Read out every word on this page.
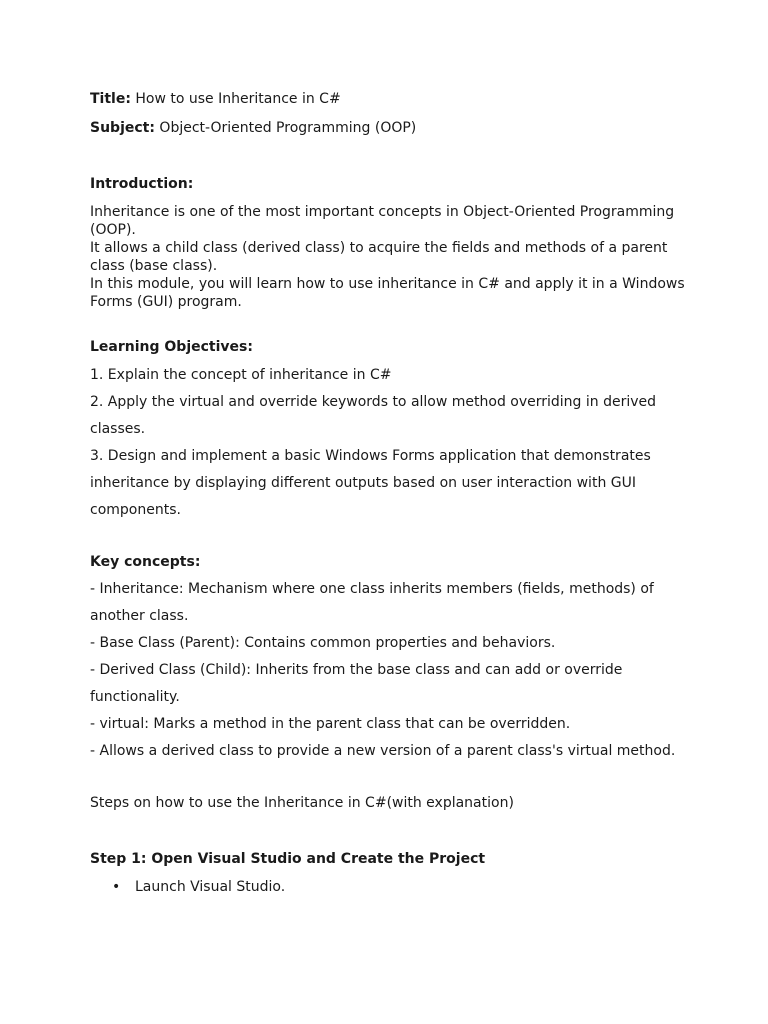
Title: How to use Inheritance in C#

Subject: Object-Oriented Programming (OOP)

Introduction:

Inheritance is one of the most important concepts in Object-Oriented Programming (OOP).

It allows a child class (derived class) to acquire the fields and methods of a parent class (base class).

In this module, you will learn how to use inheritance in C# and apply it in a Windows Forms (GUI) program.

Learning Objectives:

1. Explain the concept of inheritance in C#

2. Apply the virtual and override keywords to allow method overriding in derived classes.

3. Design and implement a basic Windows Forms application that demonstrates inheritance by displaying different outputs based on user interaction with GUI components.

Key concepts:

- Inheritance: Mechanism where one class inherits members (fields, methods) of another class.

- Base Class (Parent): Contains common properties and behaviors.

- Derived Class (Child): Inherits from the base class and can add or override functionality.

- virtual: Marks a method in the parent class that can be overridden.

- Allows a derived class to provide a new version of a parent class's virtual method.

Steps on how to use the Inheritance in C#(with explanation)

Step 1: Open Visual Studio and Create the Project

• Launch Visual Studio.
